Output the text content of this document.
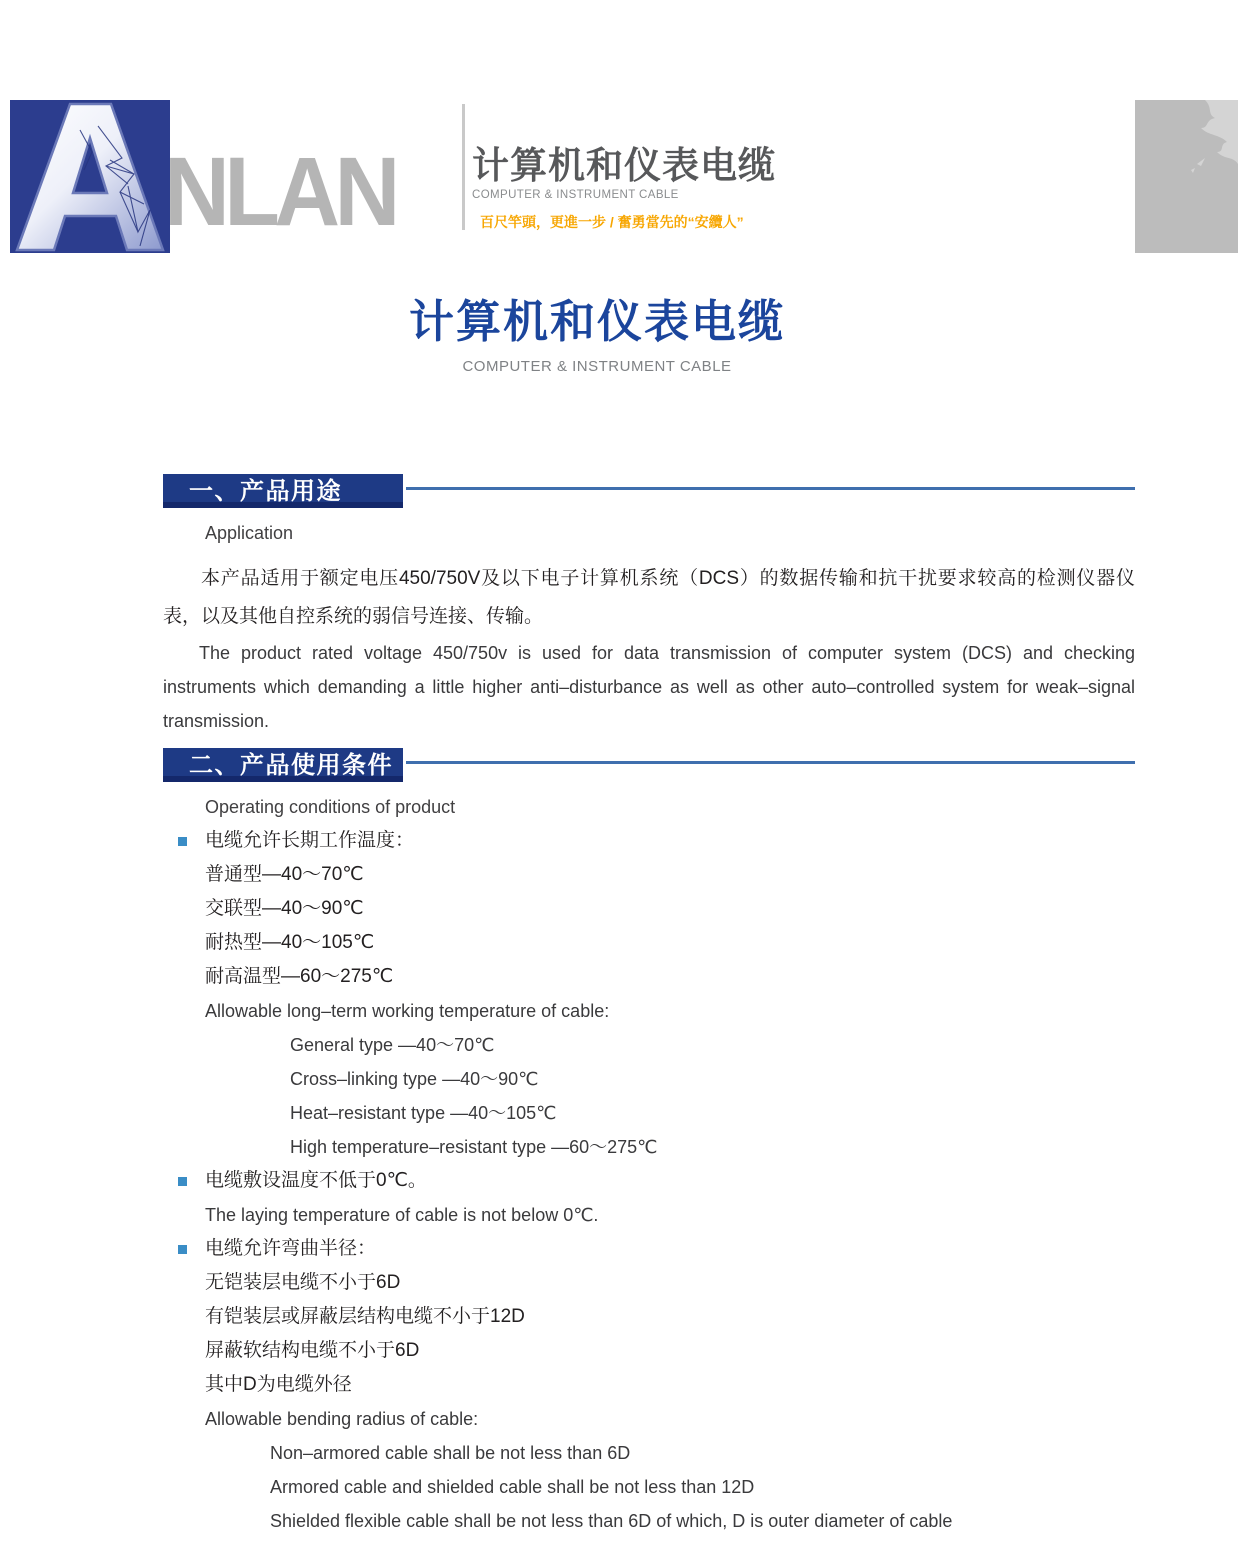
NLAN 计算机和仪表电缆
COMPUTER & INSTRUMENT CABLE
百尺竿頭，更進一步 / 奮勇當先的“安纜人”
计算机和仪表电缆
COMPUTER & INSTRUMENT CABLE
一、产品用途
Application
本产品适用于额定电压450/750V及以下电子计算机系统（DCS）的数据传输和抗干扰要求较高的检测仪器仪表，以及其他自控系统的弱信号连接、传输。
The product rated voltage 450/750v is used for data transmission of computer system (DCS) and checking instruments which demanding a little higher anti–disturbance as well as other auto–controlled system for weak–signal transmission.
二、产品使用条件
Operating conditions of product
电缆允许长期工作温度：
普通型—40～70℃
交联型—40～90℃
耐热型—40～105℃
耐高温型—60～275℃
Allowable long–term working temperature of cable:
General type —40～70℃
Cross–linking type —40～90℃
Heat–resistant type —40～105℃
High temperature–resistant type —60～275℃
电缆敷设温度不低于0℃。
The laying temperature of cable is not below 0℃.
电缆允许弯曲半径：
无铠装层电缆不小于6D
有铠装层或屏蔽层结构电缆不小于12D
屏蔽软结构电缆不小于6D
其中D为电缆外径
Allowable bending radius of cable:
Non–armored cable shall be not less than 6D
Armored cable and shielded cable shall be not less than 12D
Shielded flexible cable shall be not less than 6D of which, D is outer diameter of cable
